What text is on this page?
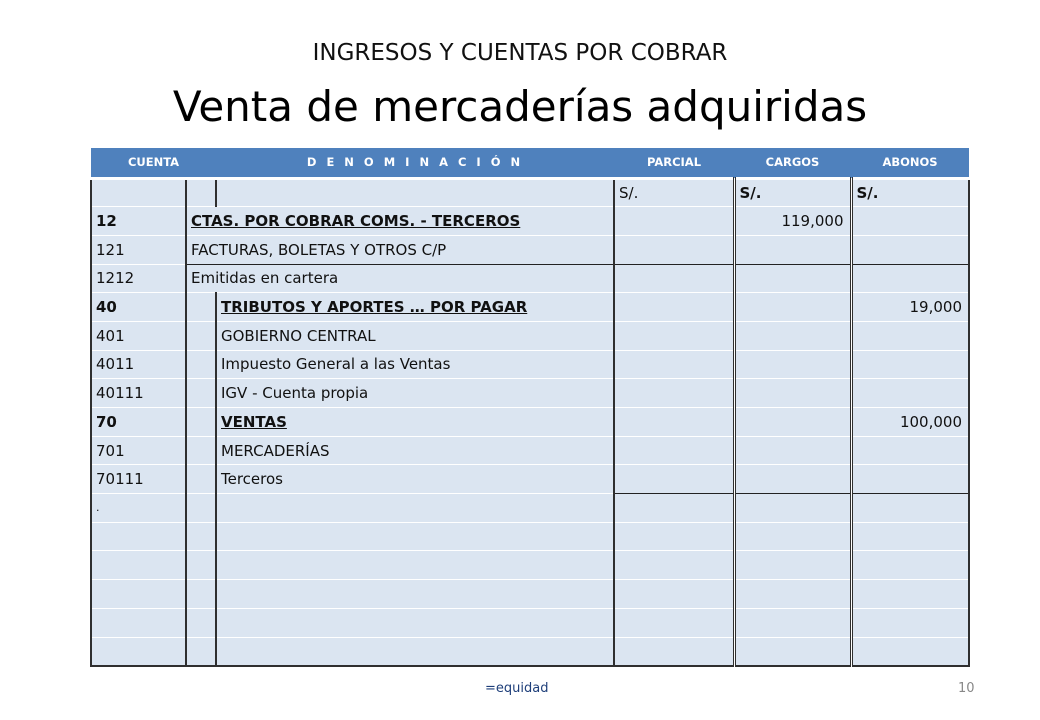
INGRESOS Y CUENTAS POR COBRAR
Venta de mercaderías adquiridas
CUENTA		D E N O M I N A C I Ó N	PARCIAL	CARGOS	ABONOS
			S/.	S/.	S/.
12	CTAS. POR COBRAR COMS. - TERCEROS			119,000	
121	FACTURAS, BOLETAS Y OTROS C/P				
1212	Emitidas en cartera				
40		TRIBUTOS Y APORTES … POR PAGAR			19,000
401		GOBIERNO CENTRAL			
4011		Impuesto General a las Ventas			
40111		IGV - Cuenta propia			
70		VENTAS			100,000
701		MERCADERÍAS			
70111		Terceros			
.					

=equidad	10
